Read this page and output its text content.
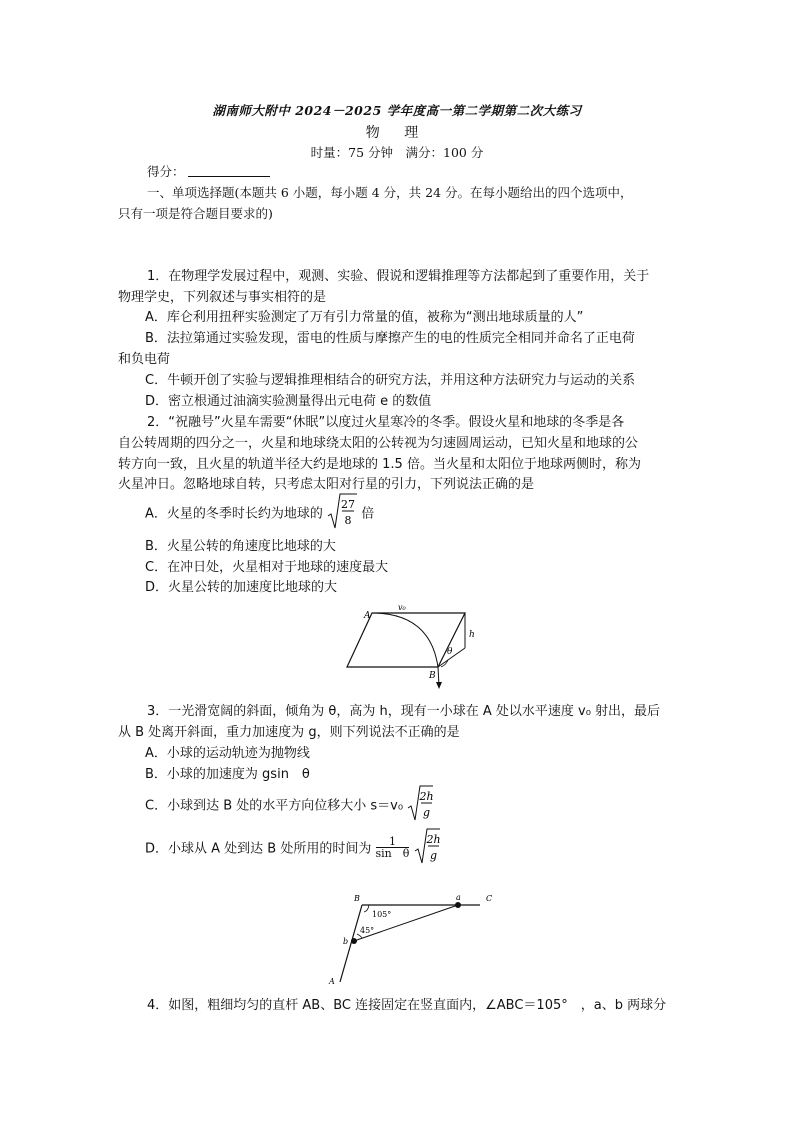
湖南师大附中 2024－2025 学年度高一第二学期第二次大练习
物 理
时量：75 分钟　满分：100 分
得分：
一、单项选择题(本题共 6 小题，每小题 4 分，共 24 分。在每小题给出的四个选项中，
只有一项是符合题目要求的)
1．在物理学发展过程中，观测、实验、假说和逻辑推理等方法都起到了重要作用，关于
物理学史，下列叙述与事实相符的是
A．库仑利用扭秤实验测定了万有引力常量的值，被称为“测出地球质量的人”
B．法拉第通过实验发现，雷电的性质与摩擦产生的电的性质完全相同并命名了正电荷
和负电荷
C．牛顿开创了实验与逻辑推理相结合的研究方法，并用这种方法研究力与运动的关系
D．密立根通过油滴实验测量得出元电荷 e 的数值
2．“祝融号”火星车需要“休眠”以度过火星寒冷的冬季。假设火星和地球的冬季是各
自公转周期的四分之一，火星和地球绕太阳的公转视为匀速圆周运动，已知火星和地球的公
转方向一致，且火星的轨道半径大约是地球的 1.5 倍。当火星和太阳位于地球两侧时，称为
火星冲日。忽略地球自转，只考虑太阳对行星的引力，下列说法正确的是
A．火星的冬季时长约为地球的
27
8 倍
B．火星公转的角速度比地球的大
C．在冲日处，火星相对于地球的速度最大
D．火星公转的加速度比地球的大
A
v₀
h
θ
B
3．一光滑宽阔的斜面，倾角为 θ，高为 h，现有一小球在 A 处以水平速度 v₀ 射出，最后
从 B 处离开斜面，重力加速度为 g，则下列说法不正确的是
A．小球的运动轨迹为抛物线
B．小球的加速度为 gsin　θ
C．小球到达 B 处的水平方向位移大小 s＝v₀
2h
g
D．小球从 A 处到达 B 处所用的时间为 $\frac{1}{\text{sin　θ}}$
2h
g
B	a	C
105°
45°
b
A
4．如图，粗细均匀的直杆 AB、BC 连接固定在竖直面内，∠ABC＝105°　，a、b 两球分
